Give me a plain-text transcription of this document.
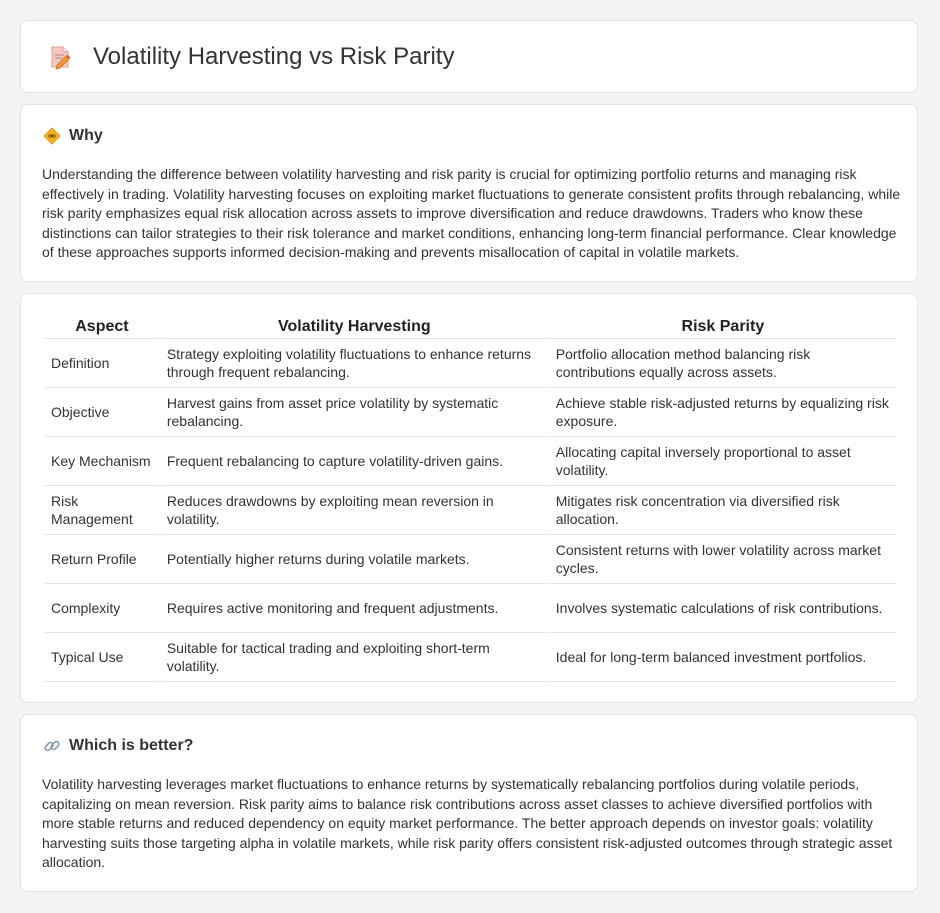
Volatility Harvesting vs Risk Parity
Why
Understanding the difference between volatility harvesting and risk parity is crucial for optimizing portfolio returns and managing risk effectively in trading. Volatility harvesting focuses on exploiting market fluctuations to generate consistent profits through rebalancing, while risk parity emphasizes equal risk allocation across assets to improve diversification and reduce drawdowns. Traders who know these distinctions can tailor strategies to their risk tolerance and market conditions, enhancing long-term financial performance. Clear knowledge of these approaches supports informed decision-making and prevents misallocation of capital in volatile markets.
Aspect	Volatility Harvesting	Risk Parity
Definition	Strategy exploiting volatility fluctuations to enhance returns through frequent rebalancing.	Portfolio allocation method balancing risk contributions equally across assets.
Objective	Harvest gains from asset price volatility by systematic rebalancing.	Achieve stable risk-adjusted returns by equalizing risk exposure.
Key Mechanism	Frequent rebalancing to capture volatility-driven gains.	Allocating capital inversely proportional to asset volatility.
Risk Management	Reduces drawdowns by exploiting mean reversion in volatility.	Mitigates risk concentration via diversified risk allocation.
Return Profile	Potentially higher returns during volatile markets.	Consistent returns with lower volatility across market cycles.
Complexity	Requires active monitoring and frequent adjustments.	Involves systematic calculations of risk contributions.
Typical Use	Suitable for tactical trading and exploiting short-term volatility.	Ideal for long-term balanced investment portfolios.
Which is better?
Volatility harvesting leverages market fluctuations to enhance returns by systematically rebalancing portfolios during volatile periods, capitalizing on mean reversion. Risk parity aims to balance risk contributions across asset classes to achieve diversified portfolios with more stable returns and reduced dependency on equity market performance. The better approach depends on investor goals: volatility harvesting suits those targeting alpha in volatile markets, while risk parity offers consistent risk-adjusted outcomes through strategic asset allocation.
